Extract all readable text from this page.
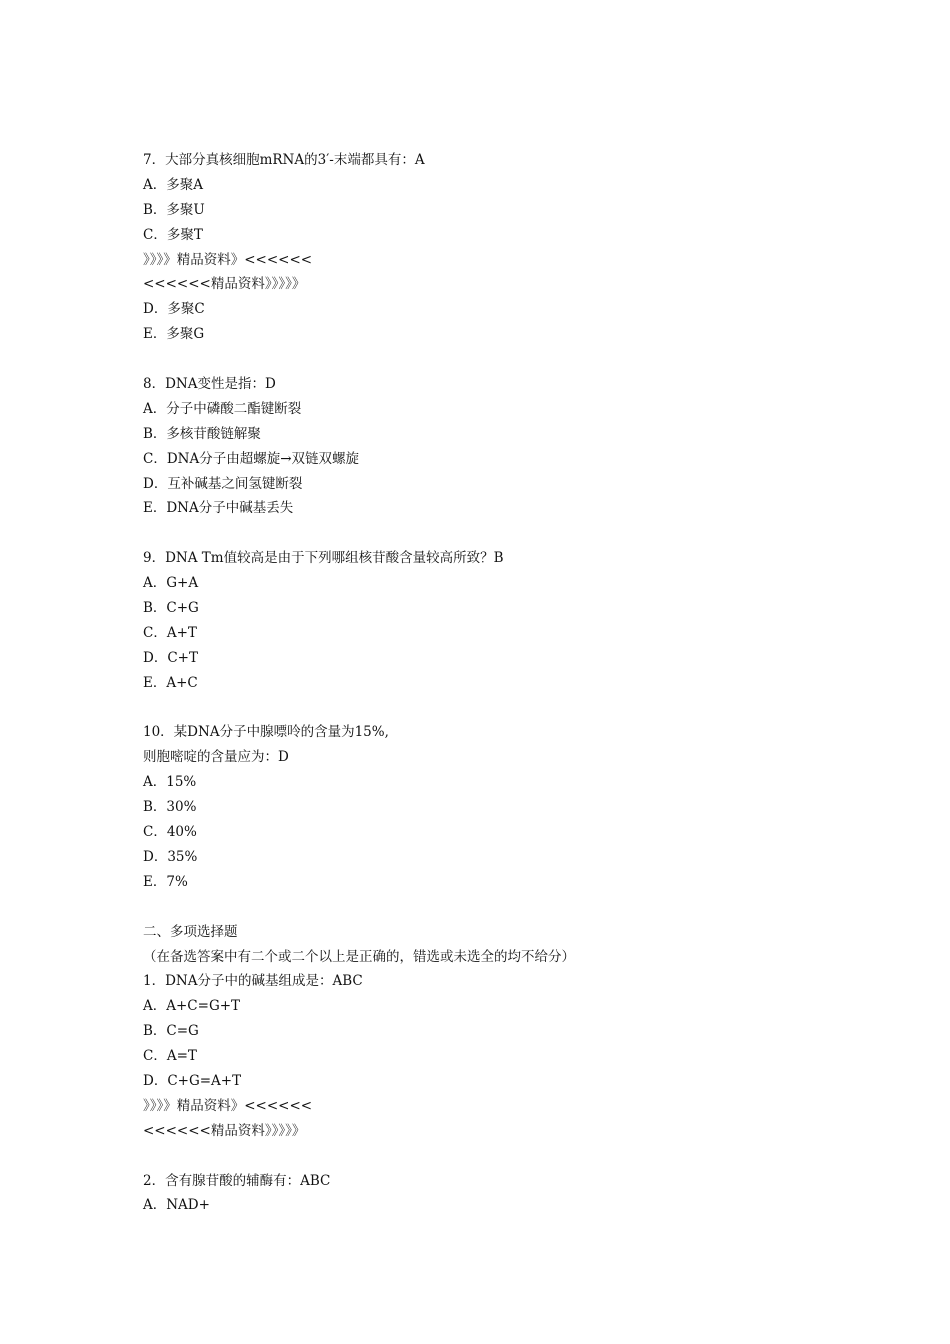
7．大部分真核细胞mRNA的3′-末端都具有：A
A．多聚A
B．多聚U
C．多聚T
》》》》精品资料》<<<<<<
<<<<<<精品资料》》》》》
D．多聚C
E．多聚G
8．DNA变性是指：D
A．分子中磷酸二酯键断裂
B．多核苷酸链解聚
C．DNA分子由超螺旋→双链双螺旋
D．互补碱基之间氢键断裂
E．DNA分子中碱基丢失
9．DNA Tm值较高是由于下列哪组核苷酸含量较高所致？B
A．G+A
B．C+G
C．A+T
D．C+T
E．A+C
10．某DNA分子中腺嘌呤的含量为15%,
则胞嘧啶的含量应为：D
A．15%
B．30%
C．40%
D．35%
E．7%
二、多项选择题
（在备选答案中有二个或二个以上是正确的，错选或未选全的均不给分）
1．DNA分子中的碱基组成是：ABC
A．A+C=G+T
B．C=G
C．A=T
D．C+G=A+T
》》》》精品资料》<<<<<<
<<<<<<精品资料》》》》》
2．含有腺苷酸的辅酶有：ABC
A．NAD+
